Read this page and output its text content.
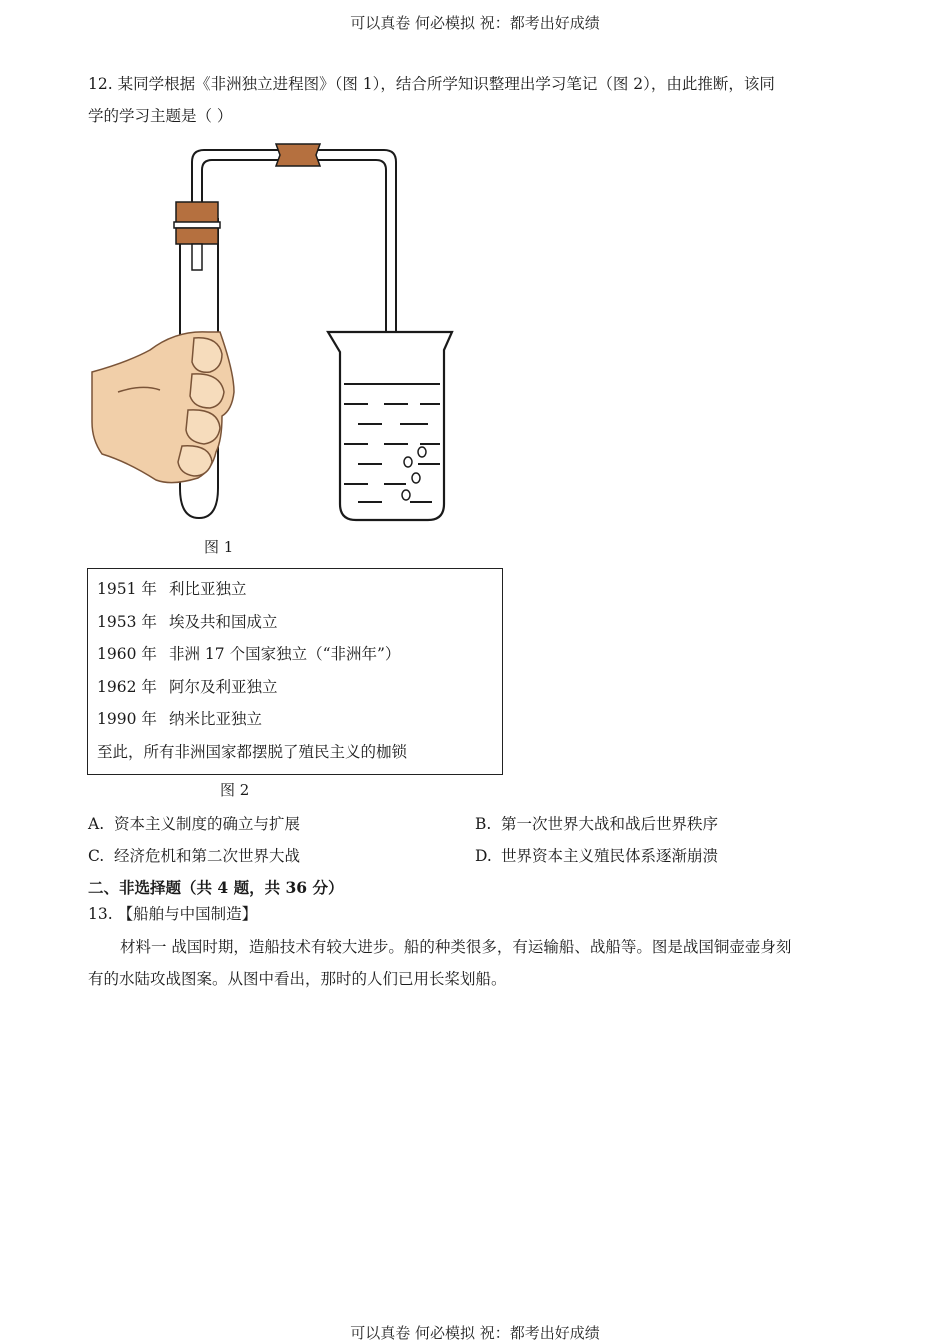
可以真卷 何必模拟 祝：都考出好成绩
12. 某同学根据《非洲独立进程图》（图 1），结合所学知识整理出学习笔记（图 2），由此推断，该同
学的学习主题是（ ）
图 1
1951 年 利比亚独立
1953 年 埃及共和国成立
1960 年 非洲 17 个国家独立（“非洲年”）
1962 年 阿尔及利亚独立
1990 年 纳米比亚独立
至此，所有非洲国家都摆脱了殖民主义的枷锁
图 2
A. 资本主义制度的确立与扩展	B. 第一次世界大战和战后世界秩序
C. 经济危机和第二次世界大战	D. 世界资本主义殖民体系逐渐崩溃
二、非选择题（共 4 题，共 36 分）
13. 【船舶与中国制造】
材料一 战国时期，造船技术有较大进步。船的种类很多，有运输船、战船等。图是战国铜壶壶身刻
有的水陆攻战图案。从图中看出，那时的人们已用长桨划船。
可以真卷 何必模拟 祝：都考出好成绩
